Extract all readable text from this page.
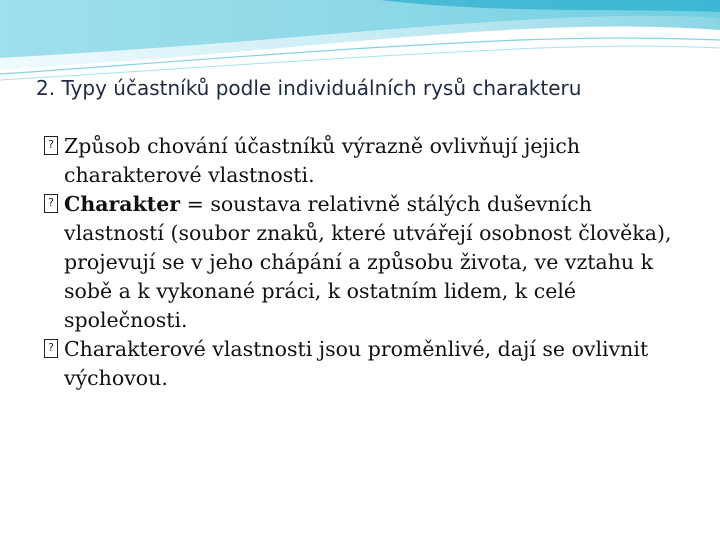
2. Typy účastníků podle individuálních rysů charakteru

?
Způsob chování účastníků výrazně ovlivňují jejich charakterové vlastnosti.

?
Charakter = soustava relativně stálých duševních vlastností (soubor znaků, které utvářejí osobnost člověka), projevují se v jeho chápání a způsobu života, ve vztahu k sobě a k vykonané práci, k ostatním lidem, k celé společnosti.

?
Charakterové vlastnosti jsou proměnlivé, dají se ovlivnit výchovou.
